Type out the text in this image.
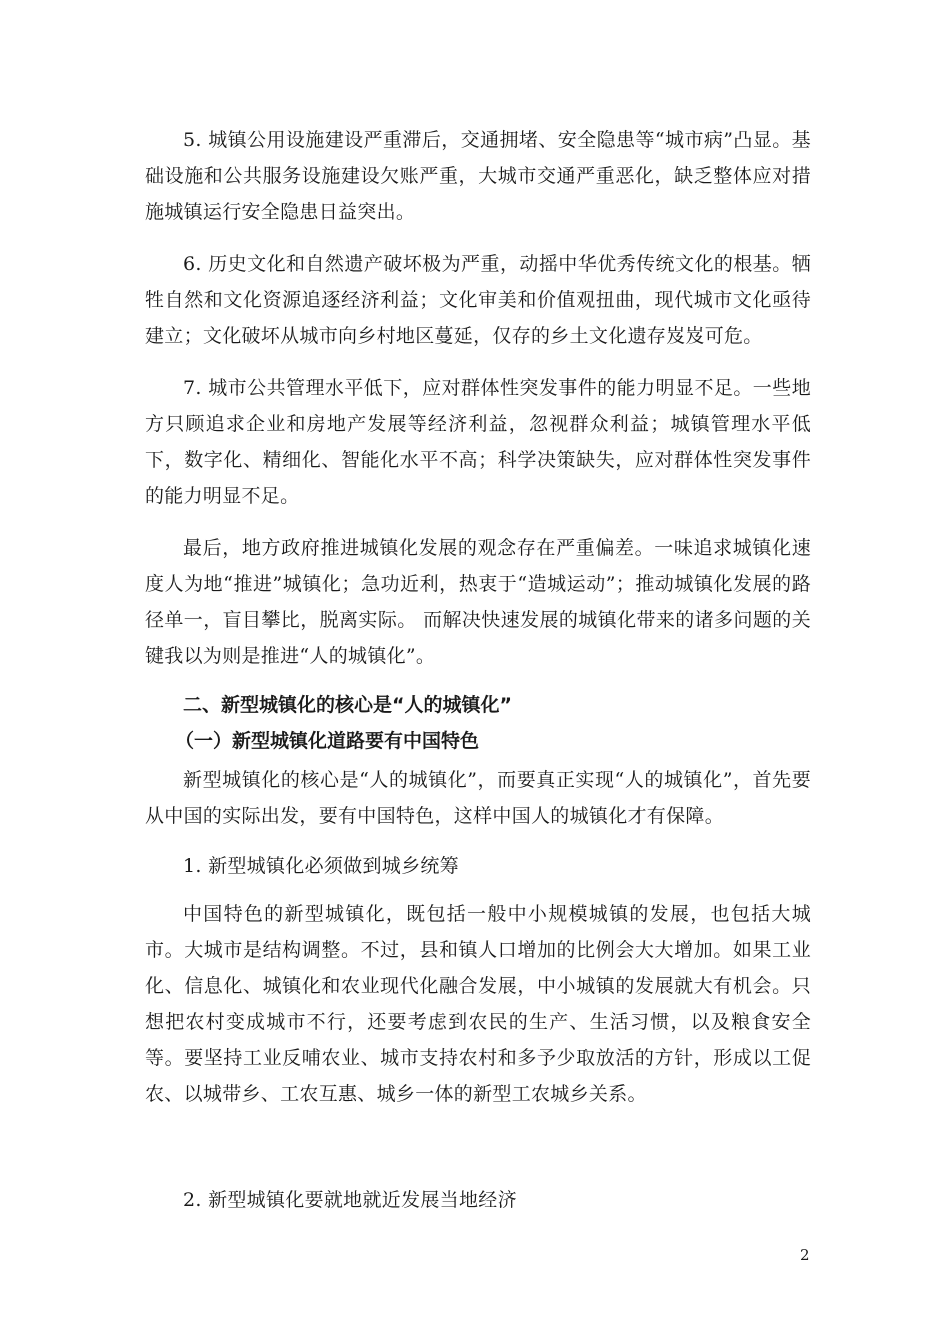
5. 城镇公用设施建设严重滞后，交通拥堵、安全隐患等“城市病”凸显。基础设施和公共服务设施建设欠账严重，大城市交通严重恶化，缺乏整体应对措施城镇运行安全隐患日益突出。

6. 历史文化和自然遗产破坏极为严重，动摇中华优秀传统文化的根基。牺牲自然和文化资源追逐经济利益；文化审美和价值观扭曲，现代城市文化亟待建立；文化破坏从城市向乡村地区蔓延，仅存的乡土文化遗存岌岌可危。

7. 城市公共管理水平低下，应对群体性突发事件的能力明显不足。一些地方只顾追求企业和房地产发展等经济利益，忽视群众利益；城镇管理水平低下，数字化、精细化、智能化水平不高；科学决策缺失，应对群体性突发事件的能力明显不足。

最后，地方政府推进城镇化发展的观念存在严重偏差。一味追求城镇化速度人为地“推进”城镇化；急功近利，热衷于“造城运动”；推动城镇化发展的路径单一，盲目攀比，脱离实际。 而解决快速发展的城镇化带来的诸多问题的关键我以为则是推进“人的城镇化”。

二、新型城镇化的核心是“人的城镇化”
（一）新型城镇化道路要有中国特色

新型城镇化的核心是“人的城镇化”，而要真正实现“人的城镇化”，首先要从中国的实际出发，要有中国特色，这样中国人的城镇化才有保障。

1. 新型城镇化必须做到城乡统筹

中国特色的新型城镇化，既包括一般中小规模城镇的发展，也包括大城市。大城市是结构调整。不过，县和镇人口增加的比例会大大增加。如果工业化、信息化、城镇化和农业现代化融合发展，中小城镇的发展就大有机会。只想把农村变成城市不行，还要考虑到农民的生产、生活习惯，以及粮食安全等。要坚持工业反哺农业、城市支持农村和多予少取放活的方针，形成以工促农、以城带乡、工农互惠、城乡一体的新型工农城乡关系。

2. 新型城镇化要就地就近发展当地经济

2
